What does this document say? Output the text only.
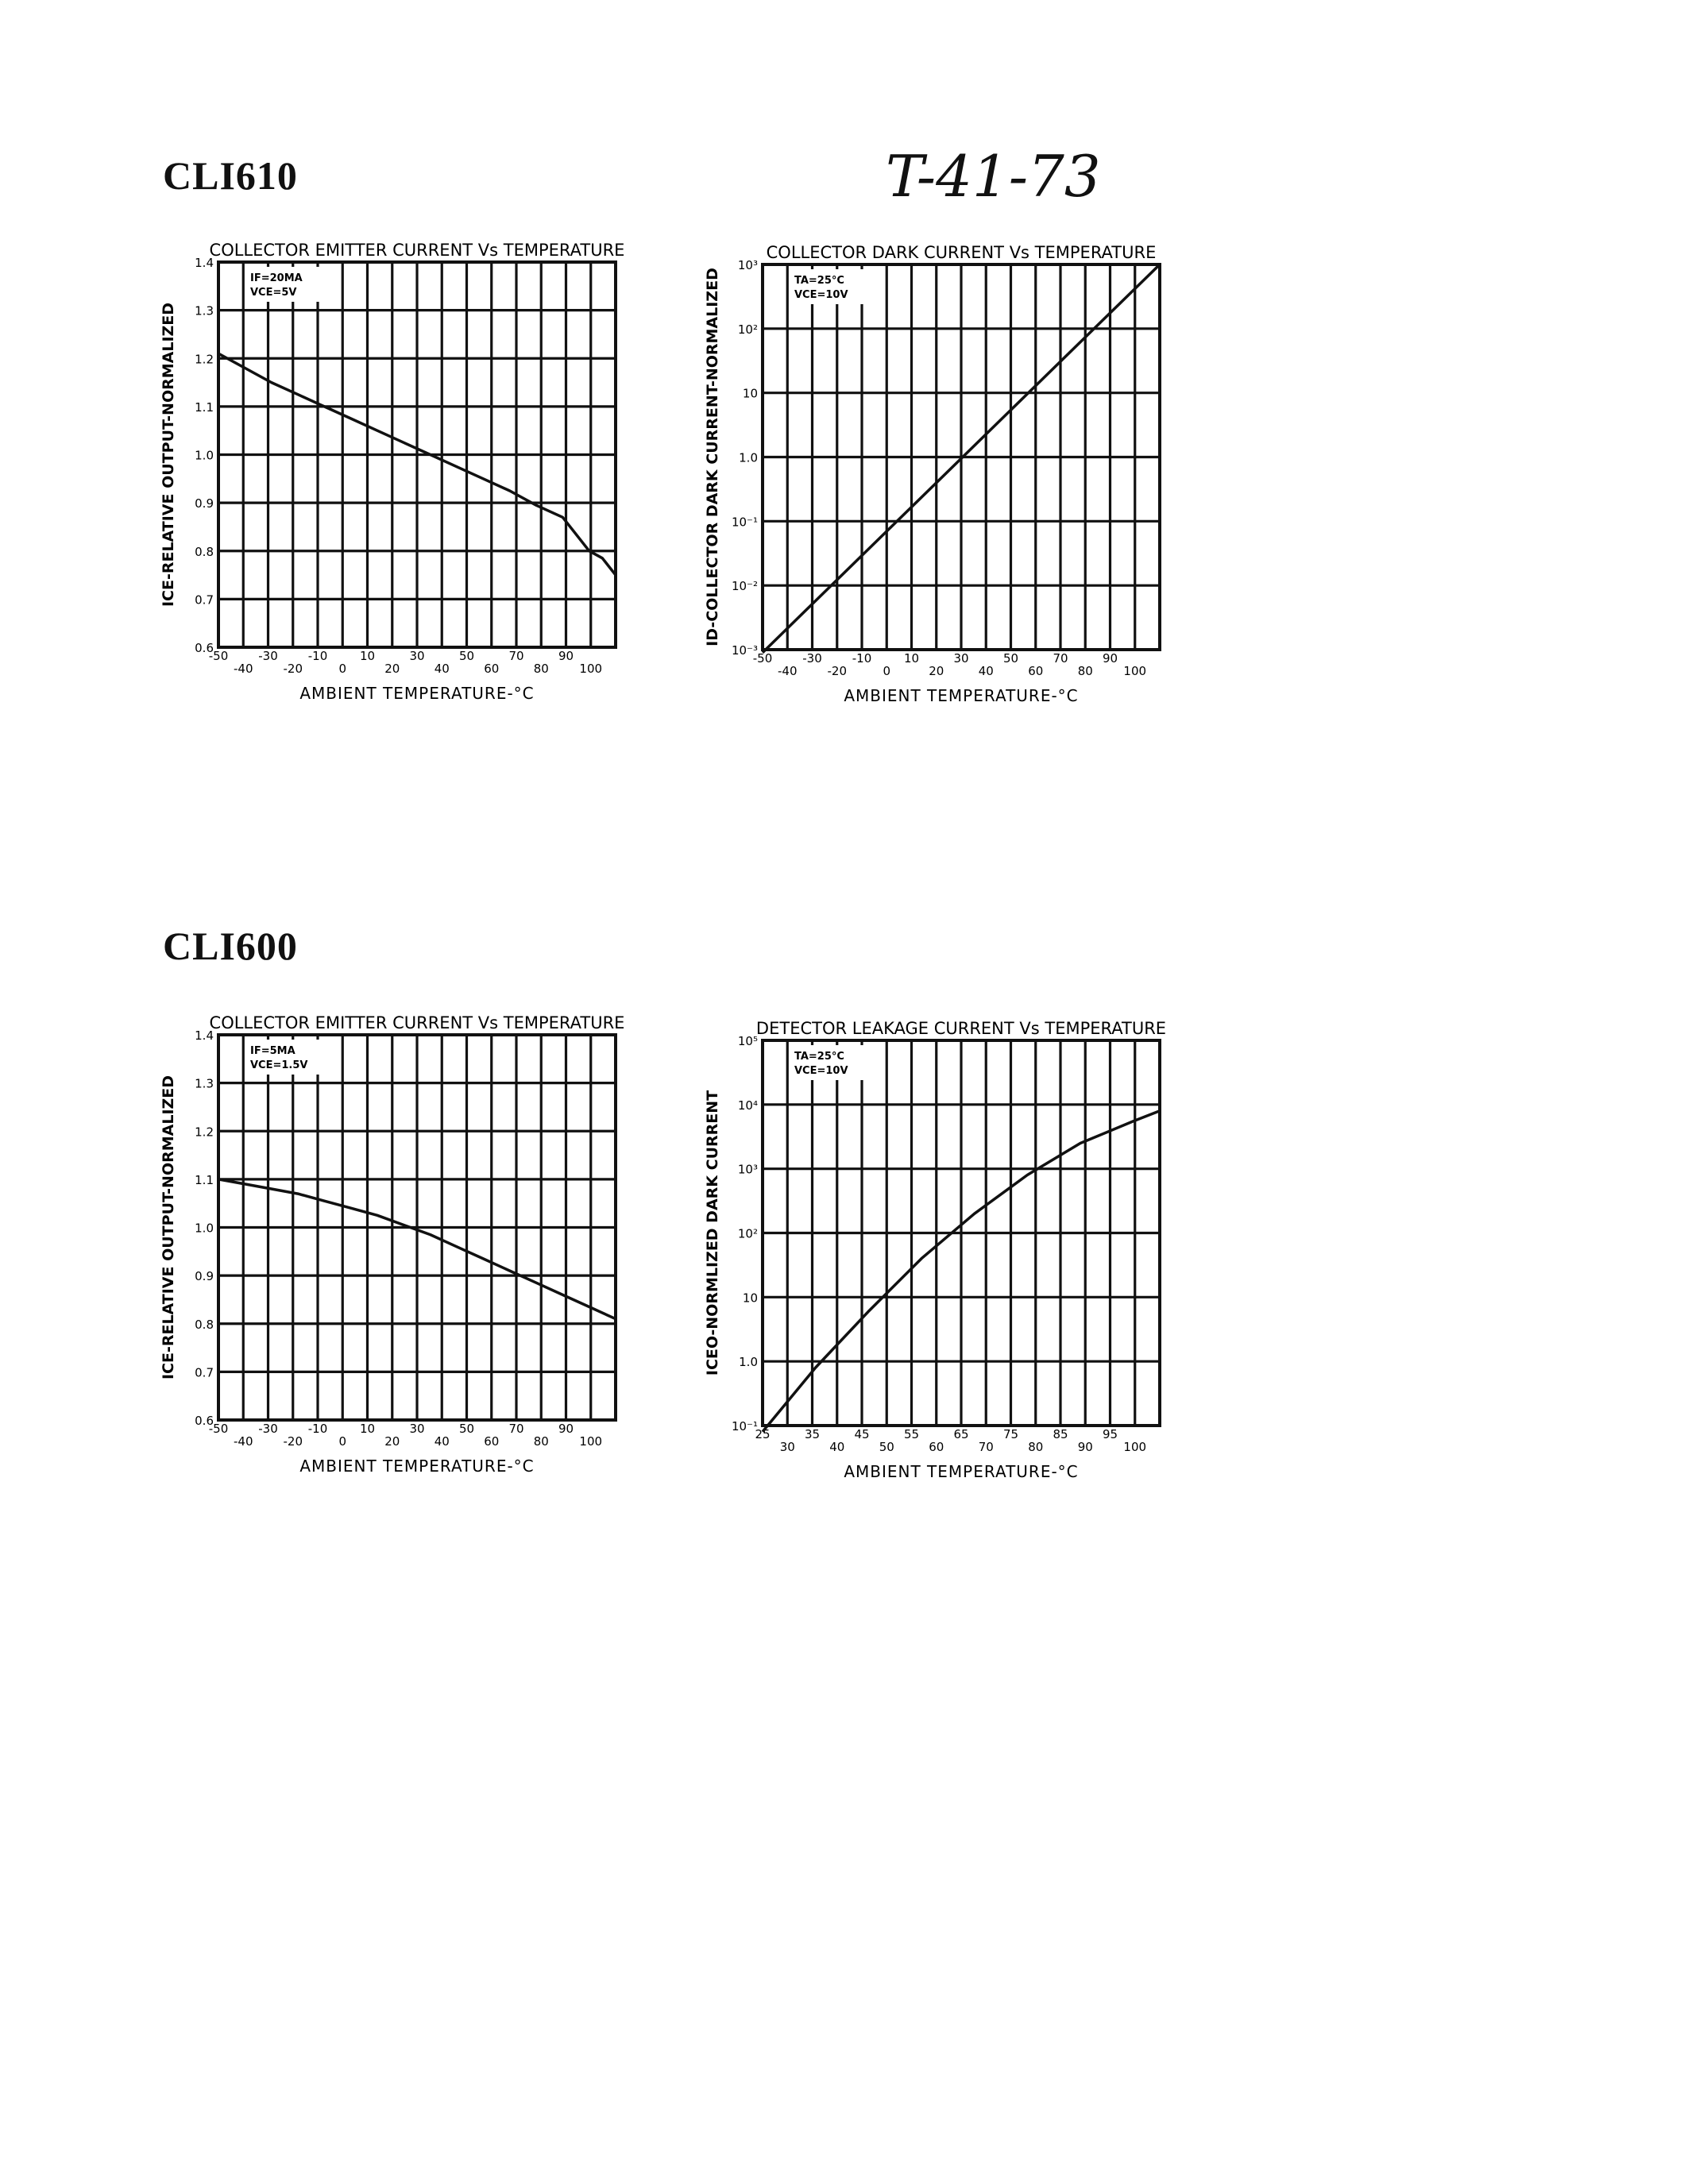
CLI610	T-41-73
CLI600
COLLECTOR EMITTER CURRENT Vs TEMPERATURE
0.6
0.7
0.8
0.9
1.0
1.1
1.2
1.3
1.4
-50	-30	-10	10	30	50	70	90
-40	-20	0	20	40	60	80	100
AMBIENT TEMPERATURE-°C
ICE-RELATIVE OUTPUT-NORMALIZED
IF=20MA
VCE=5V
COLLECTOR DARK CURRENT Vs TEMPERATURE
10⁻³
10⁻²
10⁻¹
1.0
10
10²
10³
-50	-30	-10	10	30	50	70	90
-40	-20	0	20	40	60	80	100
AMBIENT TEMPERATURE-°C
ID-COLLECTOR DARK CURRENT-NORMALIZED	TA=25°C
VCE=10V
COLLECTOR EMITTER CURRENT Vs TEMPERATURE
0.6
0.7
0.8
0.9
1.0
1.1
1.2
1.3
1.4
-50	-30	-10	10	30	50	70	90
-40	-20	0	20	40	60	80	100
AMBIENT TEMPERATURE-°C
ICE-RELATIVE OUTPUT-NORMALIZED
IF=5MA
VCE=1.5V
DETECTOR LEAKAGE CURRENT Vs TEMPERATURE
10⁻¹
1.0
10
10²
10³
10⁴
10⁵
25	35	45	55	65	75	85	95
30	40	50	60	70	80	90	100
AMBIENT TEMPERATURE-°C
ICEO-NORMLIZED DARK CURRENT
TA=25°C
VCE=10V
